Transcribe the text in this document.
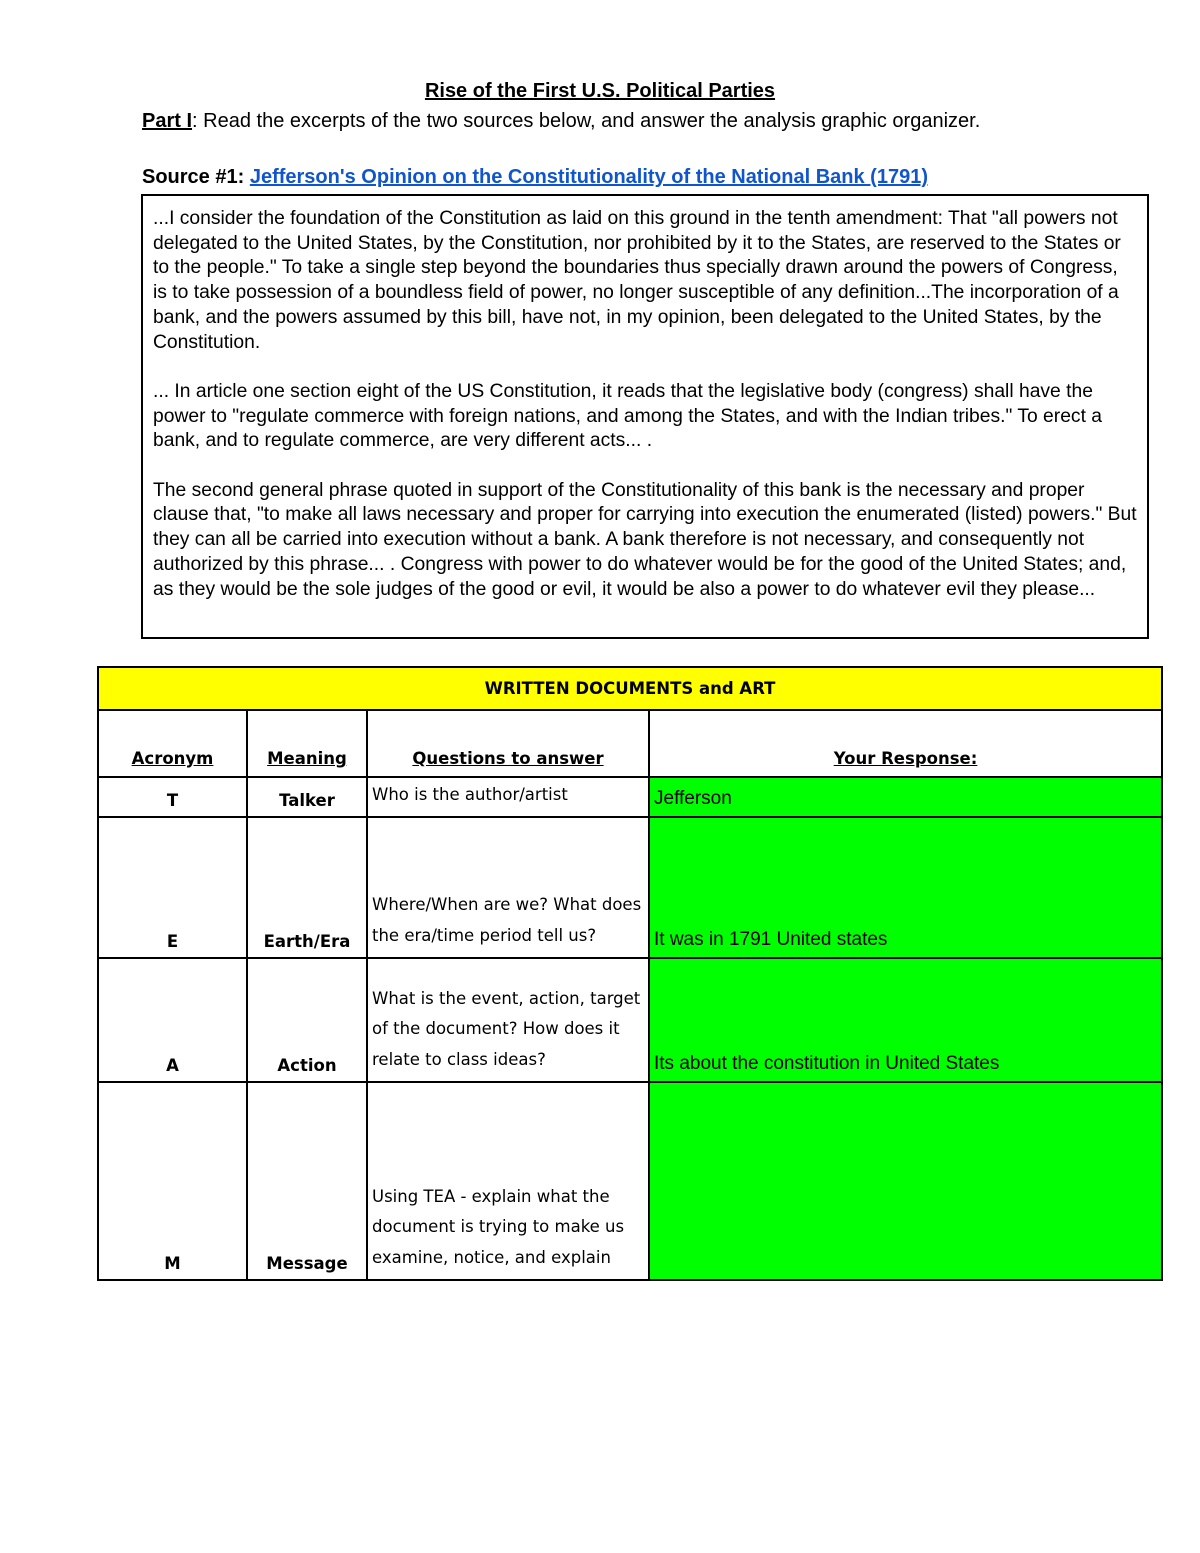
Rise of the First U.S. Political Parties
Part I: Read the excerpts of the two sources below, and answer the analysis graphic organizer.
Source #1: Jefferson's Opinion on the Constitutionality of the National Bank (1791)

...I consider the foundation of the Constitution as laid on this ground in the tenth amendment: That "all powers not delegated to the United States, by the Constitution, nor prohibited by it to the States, are reserved to the States or to the people." To take a single step beyond the boundaries thus specially drawn around the powers of Congress, is to take possession of a boundless field of power, no longer susceptible of any definition...The incorporation of a bank, and the powers assumed by this bill, have not, in my opinion, been delegated to the United States, by the Constitution.

... In article one section eight of the US Constitution, it reads that the legislative body (congress) shall have the power to "regulate commerce with foreign nations, and among the States, and with the Indian tribes." To erect a bank, and to regulate commerce, are very different acts... .

The second general phrase quoted in support of the Constitutionality of this bank is the necessary and proper clause that, "to make all laws necessary and proper for carrying into execution the enumerated (listed) powers." But they can all be carried into execution without a bank. A bank therefore is not necessary, and consequently not authorized by this phrase... . Congress with power to do whatever would be for the good of the United States; and, as they would be the sole judges of the good or evil, it would be also a power to do whatever evil they please...

WRITTEN DOCUMENTS and ART			
Acronym	Meaning	Questions to answer	Your Response:
T	Talker	Who is the author/artist	Jefferson
E	Earth/Era	Where/When are we? What does the era/time period tell us?	It was in 1791 United states
A	Action	What is the event, action, target of the document? How does it relate to class ideas?	Its about the constitution in United States
M	Message	Using TEA - explain what the document is trying to make us examine, notice, and explain	
